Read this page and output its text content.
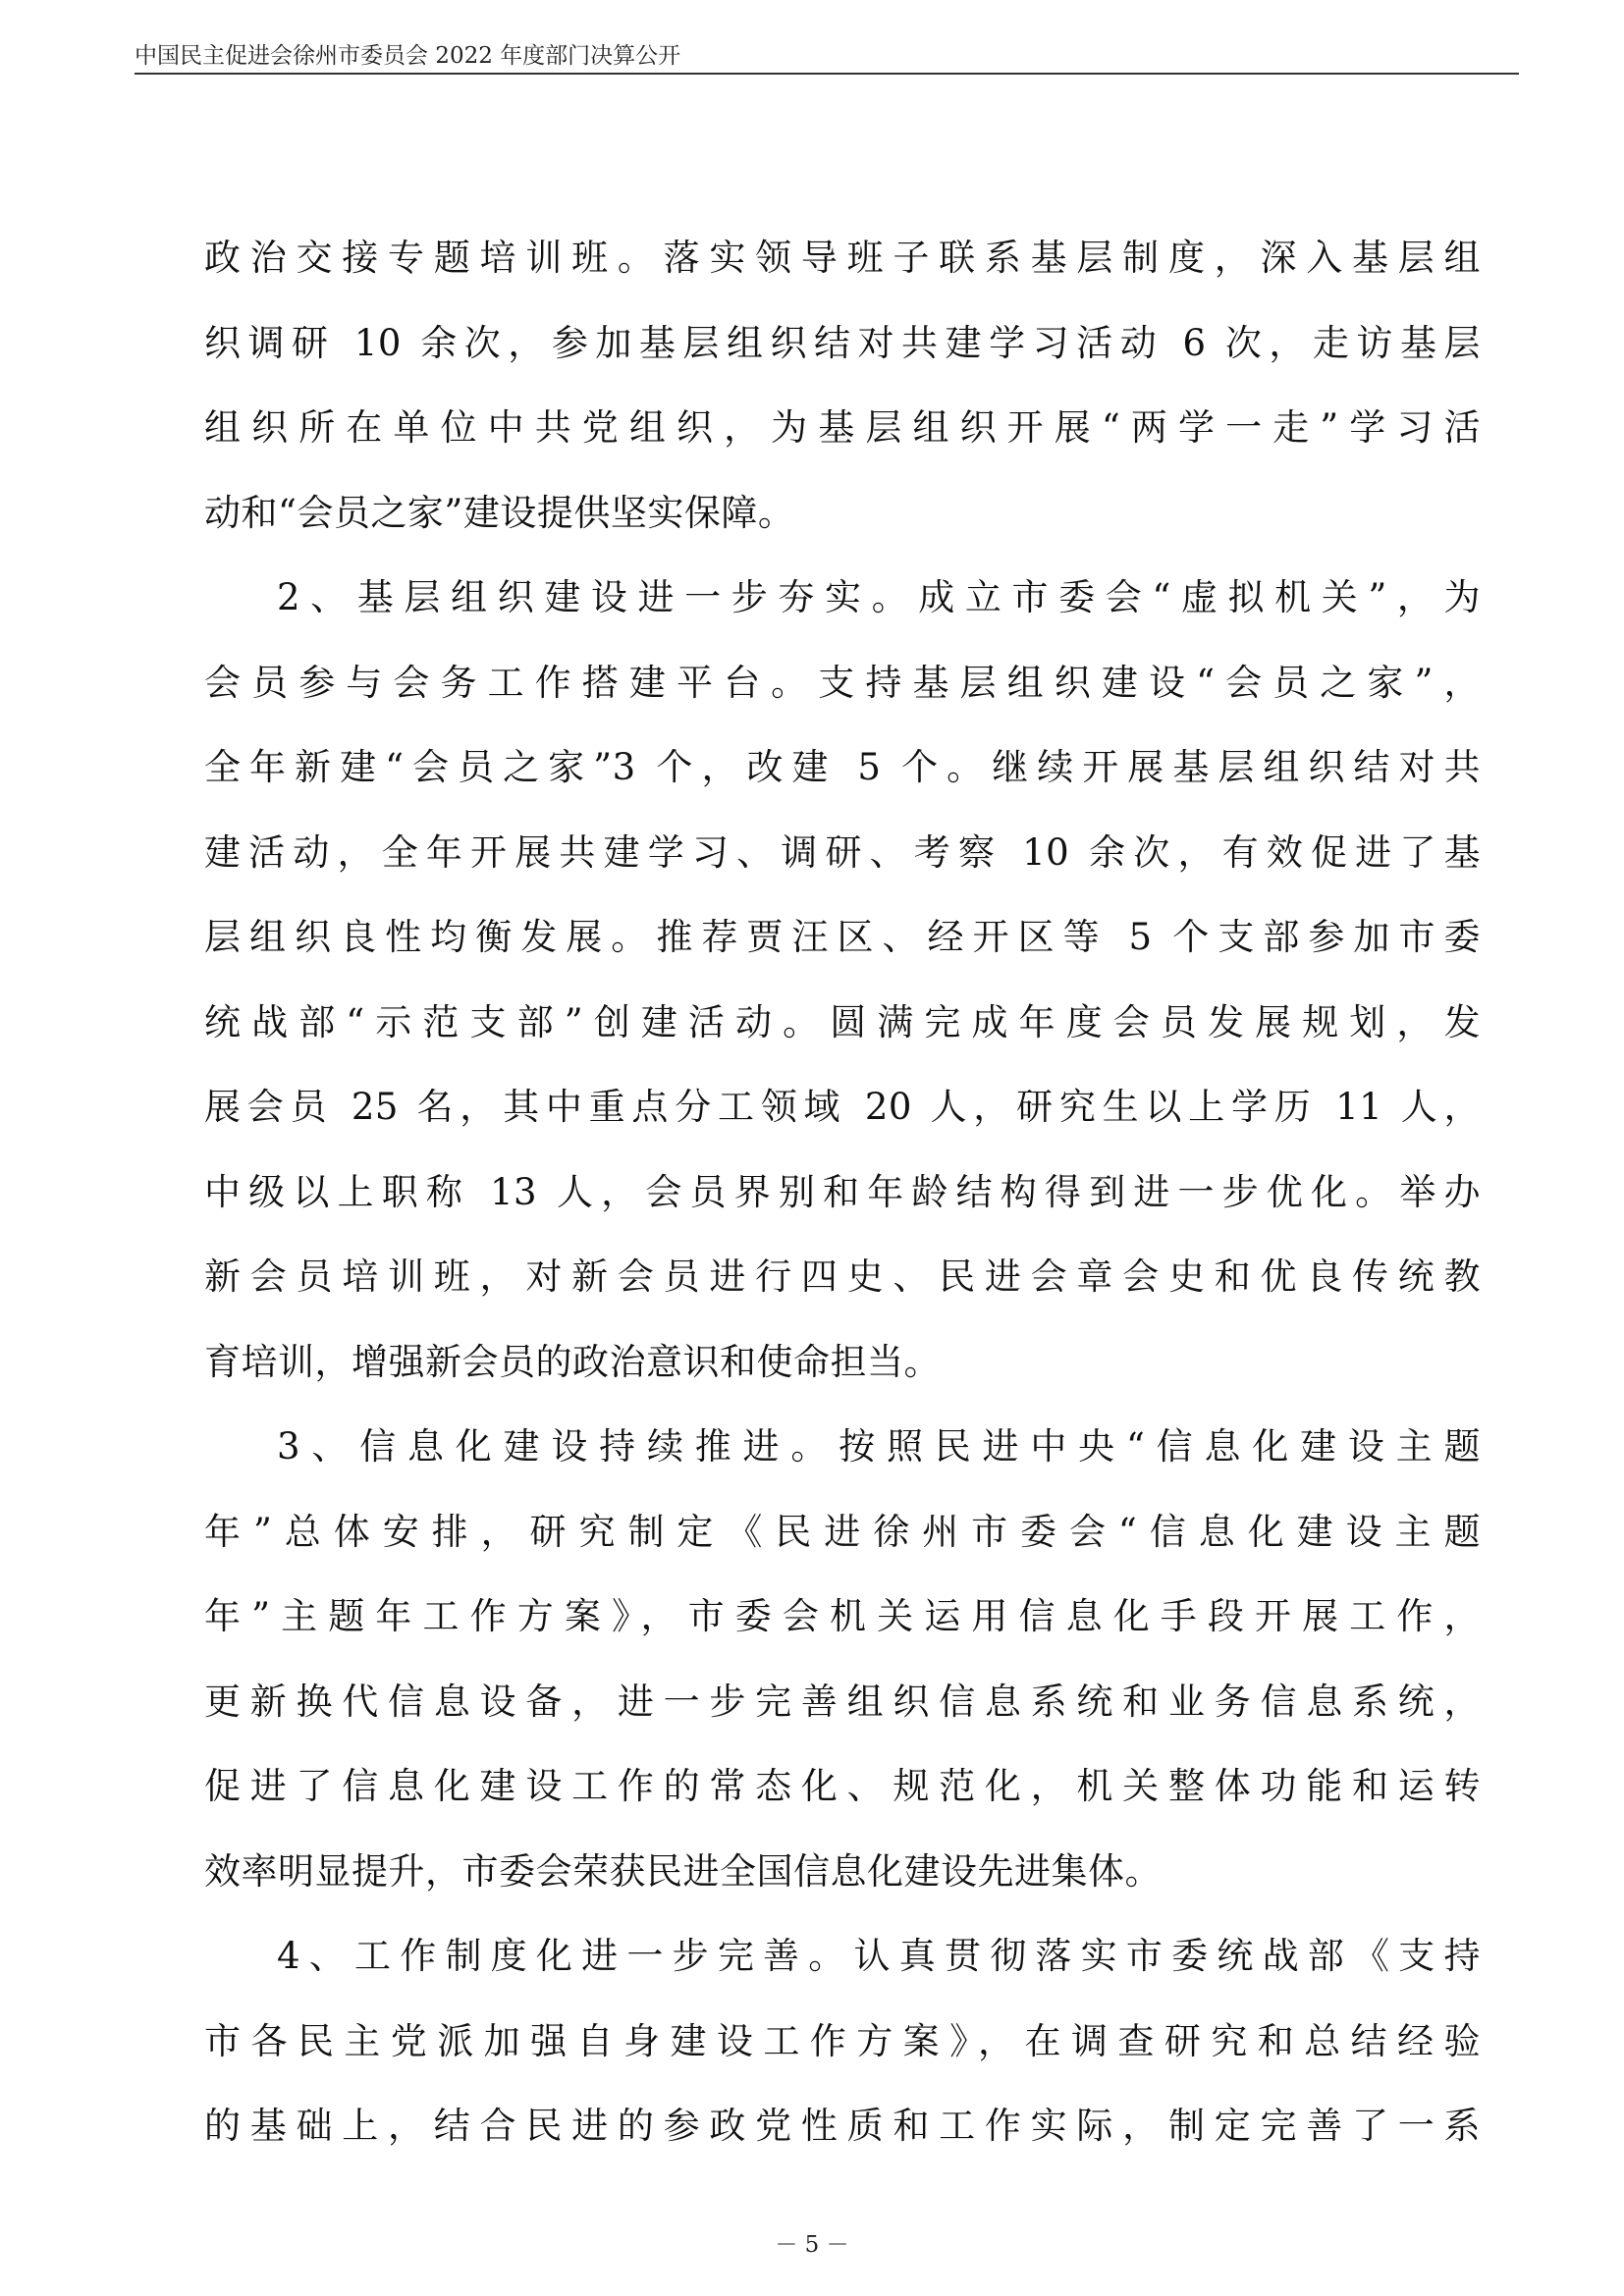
中国民主促进会徐州市委员会 2022 年度部门决算公开

政治交接专题培训班。落实领导班子联系基层制度，深入基层组

织调研 10 余次，参加基层组织结对共建学习活动 6 次，走访基层

组织所在单位中共党组织，为基层组织开展“两学一走”学习活

动和“会员之家”建设提供坚实保障。

2、基层组织建设进一步夯实。成立市委会“虚拟机关”，为

会员参与会务工作搭建平台。支持基层组织建设“会员之家”，

全年新建“会员之家”3 个，改建 5 个。继续开展基层组织结对共

建活动，全年开展共建学习、调研、考察 10 余次，有效促进了基

层组织良性均衡发展。推荐贾汪区、经开区等 5 个支部参加市委

统战部“示范支部”创建活动。圆满完成年度会员发展规划，发

展会员 25 名，其中重点分工领域 20 人，研究生以上学历 11 人，

中级以上职称 13 人，会员界别和年龄结构得到进一步优化。举办

新会员培训班，对新会员进行四史、民进会章会史和优良传统教

育培训，增强新会员的政治意识和使命担当。

3、信息化建设持续推进。按照民进中央“信息化建设主题

年”总体安排，研究制定《民进徐州市委会“信息化建设主题

年”主题年工作方案》，市委会机关运用信息化手段开展工作，

更新换代信息设备，进一步完善组织信息系统和业务信息系统，

促进了信息化建设工作的常态化、规范化，机关整体功能和运转

效率明显提升，市委会荣获民进全国信息化建设先进集体。

4、工作制度化进一步完善。认真贯彻落实市委统战部《支持

市各民主党派加强自身建设工作方案》，在调查研究和总结经验

的基础上，结合民进的参政党性质和工作实际，制定完善了一系

－ 5 －
